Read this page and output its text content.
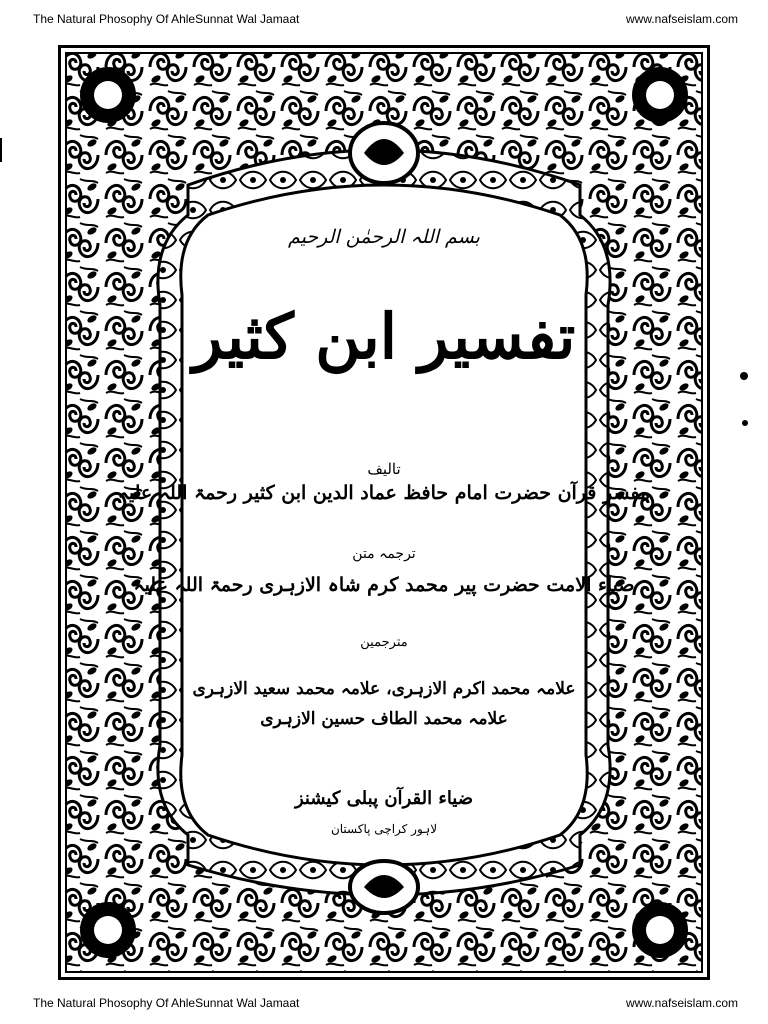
The Natural Phosophy Of AhleSunnat Wal Jamaat	www.nafseislam.com
بسم اللہ الرحمٰن الرحیم
تفسیر ابن کثیر
تالیف
مفسر قرآن حضرت امام حافظ عماد الدین ابن کثیر رحمۃ اللہ علیہ
ترجمہ متن
ضیاء الامت حضرت پیر محمد کرم شاہ الازہری رحمۃ اللہ علیہ
مترجمین
علامہ محمد اکرم الازہری، علامہ محمد سعید الازہری
علامہ محمد الطاف حسین الازہری
ضیاء القرآن پبلی کیشنز
لاہور کراچی پاکستان
The Natural Phosophy Of AhleSunnat Wal Jamaat	www.nafseislam.com
